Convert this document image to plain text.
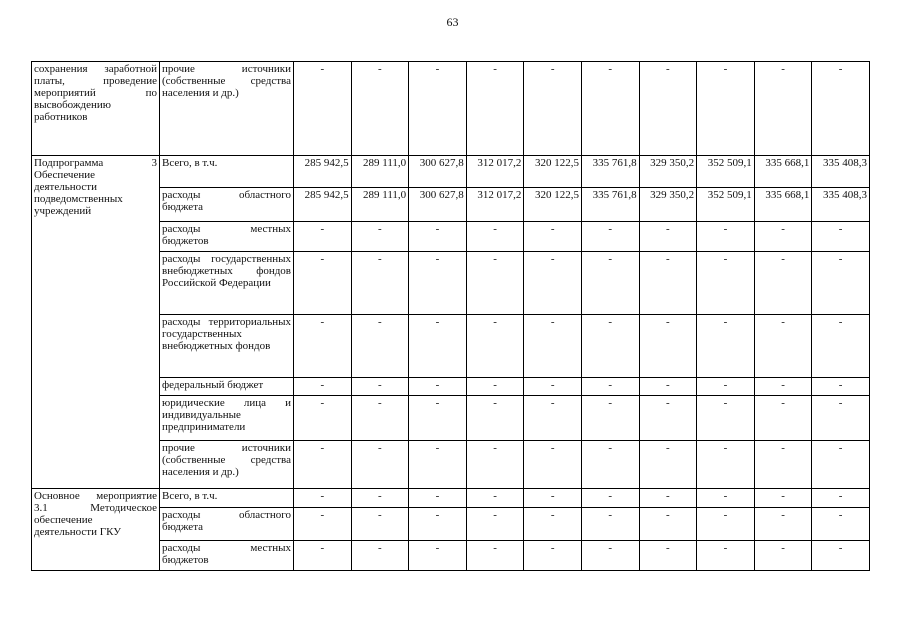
63
сохранения заработной платы, проведение мероприятий по высвобождению работников	прочие источники (собственные средства населения и др.)	-	-	-	-	-	-	-	-	-	-
Подпрограмма 3 Обеспечение деятельности подведомственных учреждений	Всего, в т.ч.	285 942,5	289 111,0	300 627,8	312 017,2	320 122,5	335 761,8	329 350,2	352 509,1	335 668,1	335 408,3
	расходы областного бюджета	285 942,5	289 111,0	300 627,8	312 017,2	320 122,5	335 761,8	329 350,2	352 509,1	335 668,1	335 408,3
	расходы местных бюджетов	-	-	-	-	-	-	-	-	-	-
	расходы государственных внебюджетных фондов Российской Федерации	-	-	-	-	-	-	-	-	-	-
	расходы территориальных государственных внебюджетных фондов	-	-	-	-	-	-	-	-	-	-
	федеральный бюджет	-	-	-	-	-	-	-	-	-	-
	юридические лица и индивидуальные предприниматели	-	-	-	-	-	-	-	-	-	-
	прочие источники (собственные средства населения и др.)	-	-	-	-	-	-	-	-	-	-
Основное мероприятие 3.1 Методическое обеспечение деятельности ГКУ	Всего, в т.ч.	-	-	-	-	-	-	-	-	-	-
	расходы областного бюджета	-	-	-	-	-	-	-	-	-	-
	расходы местных бюджетов	-	-	-	-	-	-	-	-	-	-
